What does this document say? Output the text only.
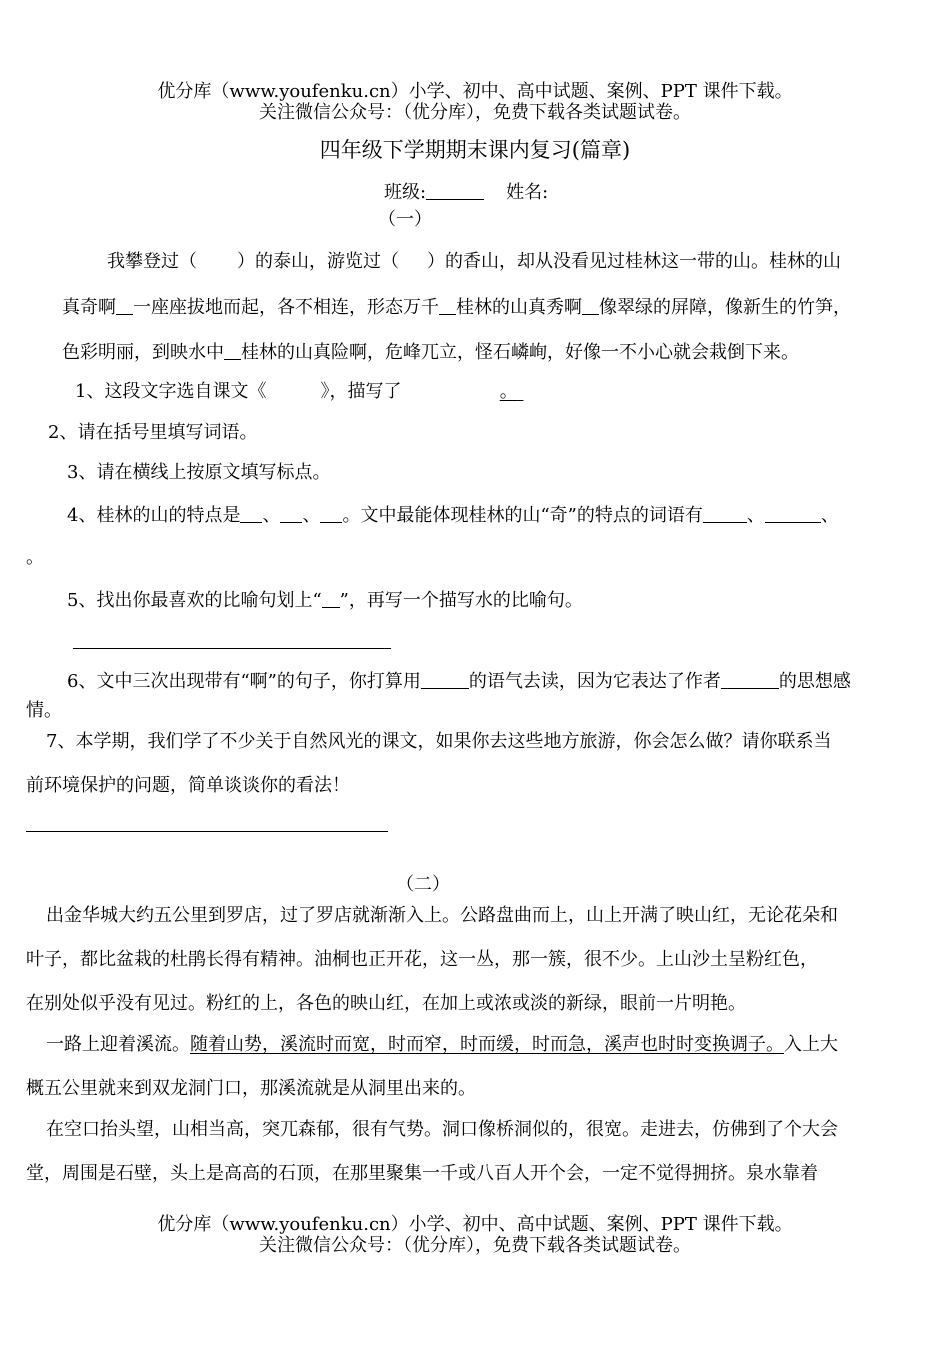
优分库（www.youfenku.cn）小学、初中、高中试题、案例、PPT 课件下载。
关注微信公众号：（优分库），免费下载各类试题试卷。
四年级下学期期末课内复习(篇章)
班级:	姓名:
（一）
我攀登过（ ）的泰山，游览过（ ）的香山，却从没看见过桂林这一带的山。桂林的山
真奇啊 一座座拔地而起，各不相连，形态万千 桂林的山真秀啊 像翠绿的屏障，像新生的竹笋，
色彩明丽，到映水中 桂林的山真险啊，危峰兀立，怪石嶙峋，好像一不小心就会栽倒下来。
1、这段文字选自课文《	》，描写了	。
2、请在括号里填写词语。
3、请在横线上按原文填写标点。
4、桂林的山的特点是 、 、 。文中最能体现桂林的山“奇”的特点的词语有 、	、
。
5、找出你最喜欢的比喻句划上“ ”，再写一个描写水的比喻句。
6、文中三次出现带有“啊”的句子，你打算用	的语气去读，因为它表达了作者	的思想感
情。
7、本学期，我们学了不少关于自然风光的课文，如果你去这些地方旅游，你会怎么做？请你联系当
前环境保护的问题，简单谈谈你的看法！
（二）
出金华城大约五公里到罗店，过了罗店就渐渐入上。公路盘曲而上，山上开满了映山红，无论花朵和
叶子，都比盆栽的杜鹃长得有精神。油桐也正开花，这一丛，那一簇，很不少。上山沙土呈粉红色，
在别处似乎没有见过。粉红的上，各色的映山红，在加上或浓或淡的新绿，眼前一片明艳。
一路上迎着溪流。随着山势，溪流时而宽，时而窄，时而缓，时而急，溪声也时时变换调子。入上大
概五公里就来到双龙洞门口，那溪流就是从洞里出来的。
在空口抬头望，山相当高，突兀森郁，很有气势。洞口像桥洞似的，很宽。走进去，仿佛到了个大会
堂，周围是石壁，头上是高高的石顶，在那里聚集一千或八百人开个会，一定不觉得拥挤。泉水靠着
优分库（www.youfenku.cn）小学、初中、高中试题、案例、PPT 课件下载。
关注微信公众号：（优分库），免费下载各类试题试卷。
